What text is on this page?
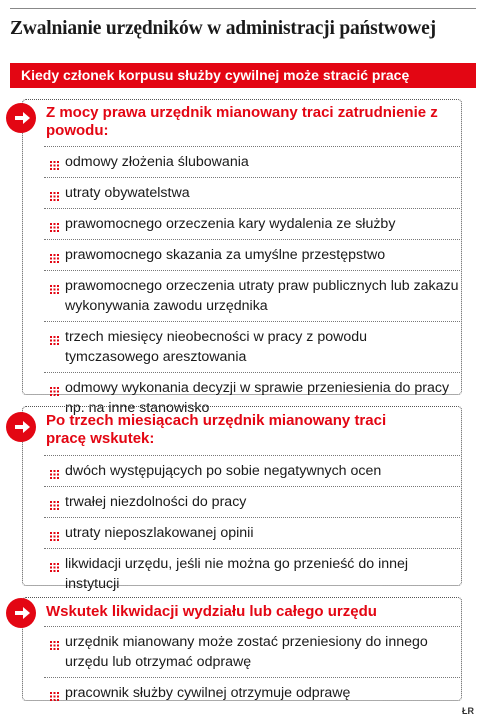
Zwalnianie urzędników w administracji państwowej
Kiedy członek korpusu służby cywilnej może stracić pracę
Z mocy prawa urzędnik mianowany traci zatrudnienie z powodu:
odmowy złożenia ślubowania
utraty obywatelstwa
prawomocnego orzeczenia kary wydalenia ze służby
prawomocnego skazania za umyślne przestępstwo
prawomocnego orzeczenia utraty praw publicznych lub zakazu wykonywania zawodu urzędnika
trzech miesięcy nieobecności w pracy z powodu tymczasowego aresztowania
odmowy wykonania decyzji w sprawie przeniesienia do pracy np. na inne stanowisko
Po trzech miesiącach urzędnik mianowany traci pracę wskutek:
dwóch występujących po sobie negatywnych ocen
trwałej niezdolności do pracy
utraty nieposzlakowanej opinii
likwidacji urzędu, jeśli nie można go przenieść do innej instytucji
Wskutek likwidacji wydziału lub całego urzędu
urzędnik mianowany może zostać przeniesiony do innego urzędu lub otrzymać odprawę
pracownik służby cywilnej otrzymuje odprawę
ŁR
